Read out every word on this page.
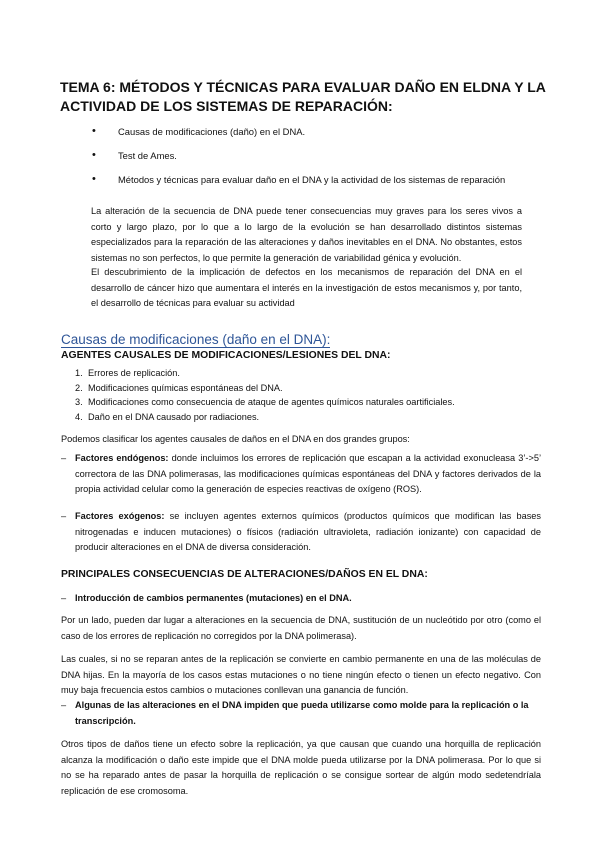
TEMA 6: MÉTODOS Y TÉCNICAS PARA EVALUAR DAÑO EN ELDNA Y LA ACTIVIDAD DE LOS SISTEMAS DE REPARACIÓN:
• Causas de modificaciones (daño) en el DNA.
• Test de Ames.
• Métodos y técnicas para evaluar daño en el DNA y la actividad de los sistemas de reparación

La alteración de la secuencia de DNA puede tener consecuencias muy graves para los seres vivos a corto y largo plazo, por lo que a lo largo de la evolución se han desarrollado distintos sistemas especializados para la reparación de las alteraciones y daños inevitables en el DNA. No obstantes, estos sistemas no son perfectos, lo que permite la generación de variabilidad génica y evolución.

El descubrimiento de la implicación de defectos en los mecanismos de reparación del DNA en el desarrollo de cáncer hizo que aumentara el interés en la investigación de estos mecanismos y, por tanto, el desarrollo de técnicas para evaluar su actividad

Causas de modificaciones (daño en el DNA):
AGENTES CAUSALES DE MODIFICACIONES/LESIONES DEL DNA:
1. Errores de replicación.
2. Modificaciones químicas espontáneas del DNA.
3. Modificaciones como consecuencia de ataque de agentes químicos naturales oartificiales.
4. Daño en el DNA causado por radiaciones.

Podemos clasificar los agentes causales de daños en el DNA en dos grandes grupos:

– Factores endógenos: donde incluimos los errores de replicación que escapan a la actividad exonucleasa 3’->5’ correctora de las DNA polimerasas, las modificaciones químicas espontáneas del DNA y factores derivados de la propia actividad celular como la generación de especies reactivas de oxígeno (ROS).
– Factores exógenos: se incluyen agentes externos químicos (productos químicos que modifican las bases nitrogenadas e inducen mutaciones) o físicos (radiación ultravioleta, radiación ionizante) con capacidad de producir alteraciones en el DNA de diversa consideración.
PRINCIPALES CONSECUENCIAS DE ALTERACIONES/DAÑOS EN EL DNA:
– Introducción de cambios permanentes (mutaciones) en el DNA.

Por un lado, pueden dar lugar a alteraciones en la secuencia de DNA, sustitución de un nucleótido por otro (como el caso de los errores de replicación no corregidos por la DNA polimerasa).

Las cuales, si no se reparan antes de la replicación se convierte en cambio permanente en una de las moléculas de DNA hijas. En la mayoría de los casos estas mutaciones o no tiene ningún efecto o tienen un efecto negativo. Con muy baja frecuencia estos cambios o mutaciones conllevan una ganancia de función.

– Algunas de las alteraciones en el DNA impiden que pueda utilizarse como molde para la replicación o la transcripción.

Otros tipos de daños tiene un efecto sobre la replicación, ya que causan que cuando una horquilla de replicación alcanza la modificación o daño este impide que el DNA molde pueda utilizarse por la DNA polimerasa. Por lo que si no se ha reparado antes de pasar la horquilla de replicación o se consigue sortear de algún modo sedetendríala replicación de ese cromosoma.
